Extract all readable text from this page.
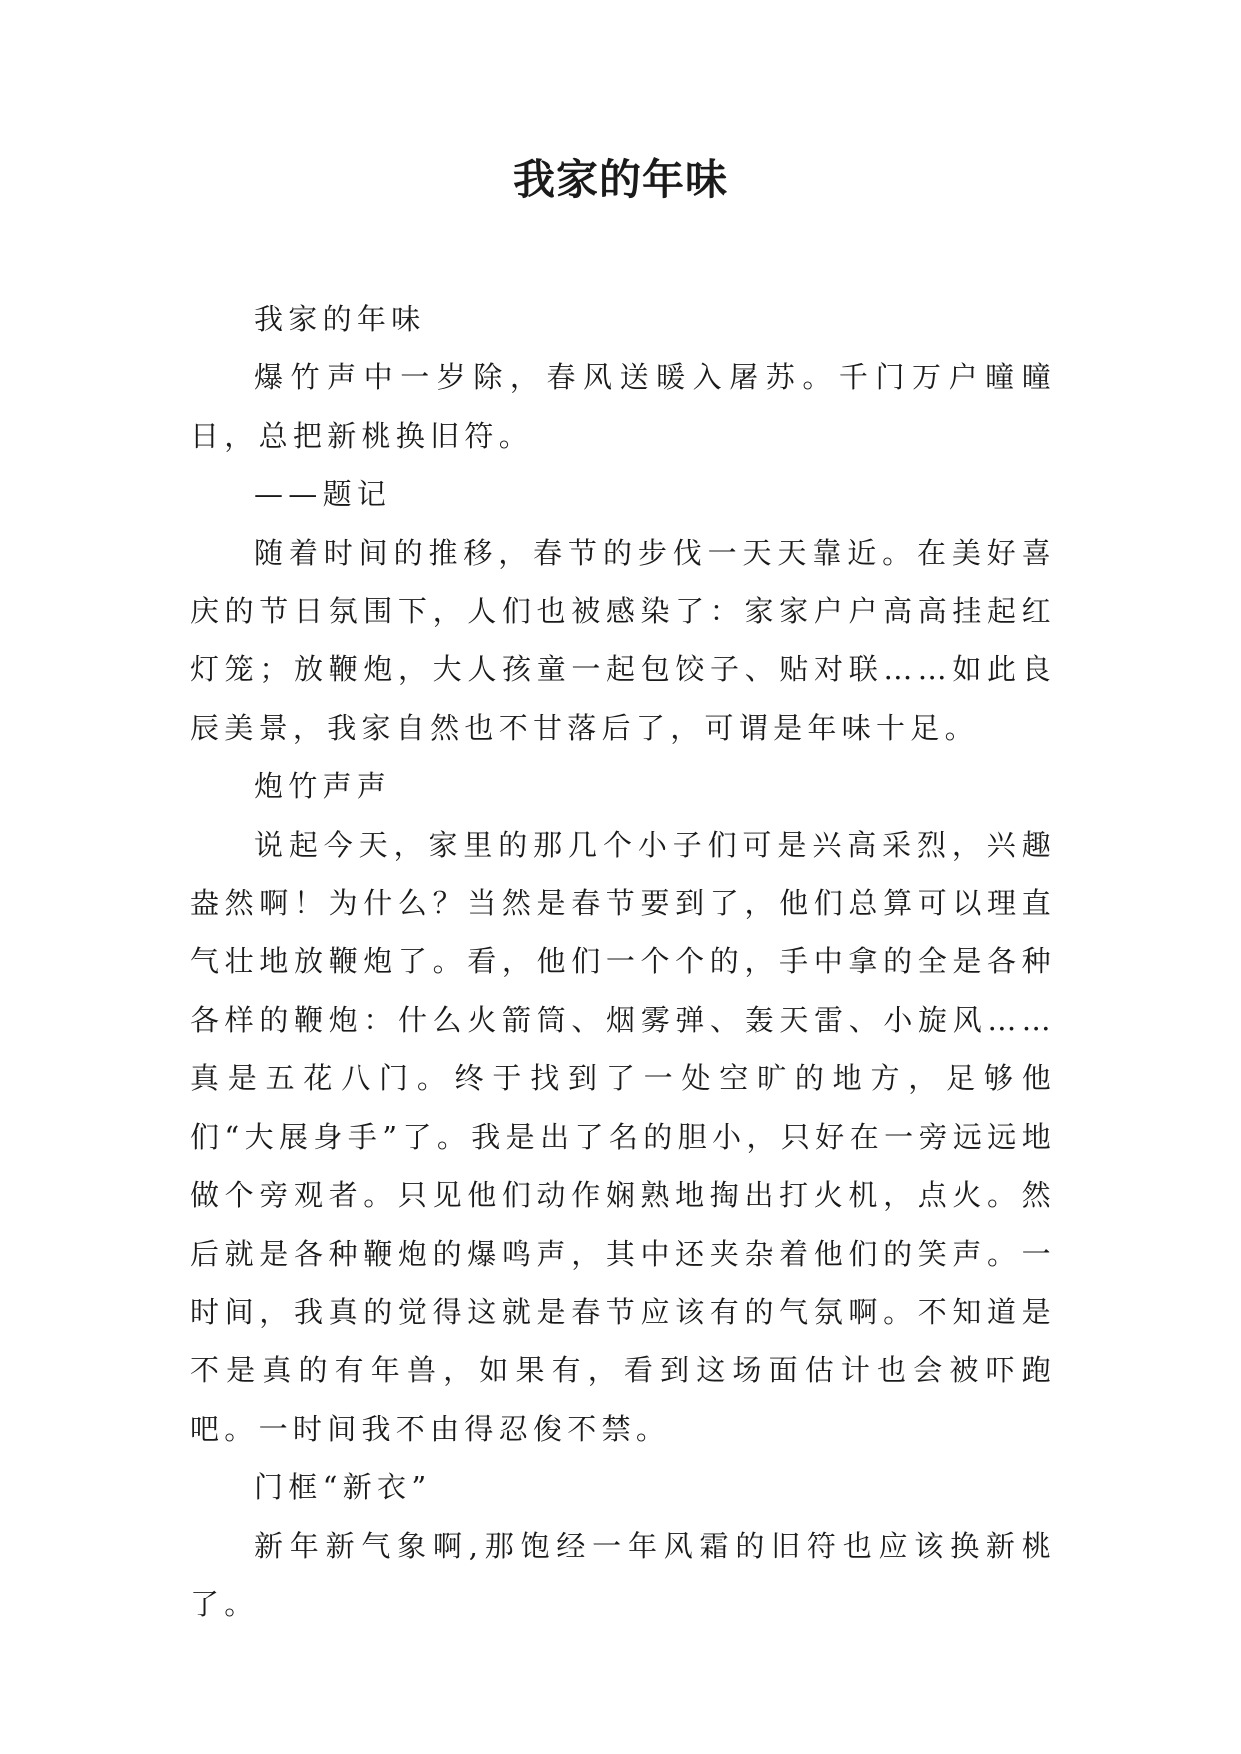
我家的年味

我家的年味

爆竹声中一岁除，春风送暖入屠苏。千门万户曈曈日，总把新桃换旧符。

——题记

随着时间的推移，春节的步伐一天天靠近。在美好喜庆的节日氛围下，人们也被感染了：家家户户高高挂起红灯笼；放鞭炮，大人孩童一起包饺子、贴对联……如此良辰美景，我家自然也不甘落后了，可谓是年味十足。

炮竹声声

说起今天，家里的那几个小子们可是兴高采烈，兴趣盎然啊！为什么？当然是春节要到了，他们总算可以理直气壮地放鞭炮了。看，他们一个个的，手中拿的全是各种各样的鞭炮：什么火箭筒、烟雾弹、轰天雷、小旋风……真是五花八门。终于找到了一处空旷的地方，足够他们“大展身手”了。我是出了名的胆小，只好在一旁远远地做个旁观者。只见他们动作娴熟地掏出打火机，点火。然后就是各种鞭炮的爆鸣声，其中还夹杂着他们的笑声。一时间，我真的觉得这就是春节应该有的气氛啊。不知道是不是真的有年兽，如果有，看到这场面估计也会被吓跑吧。一时间我不由得忍俊不禁。

门框“新衣”

新年新气象啊,那饱经一年风霜的旧符也应该换新桃了。
